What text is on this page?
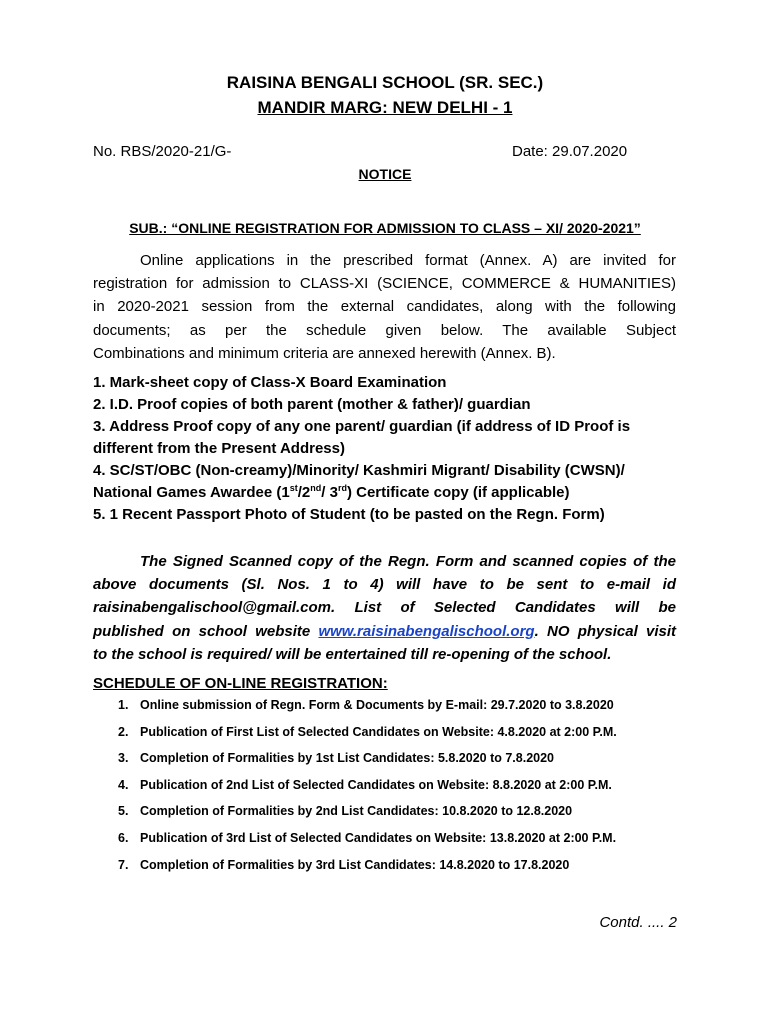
RAISINA BENGALI SCHOOL (SR. SEC.)
MANDIR MARG: NEW DELHI - 1
No. RBS/2020-21/G-	Date: 29.07.2020
NOTICE
SUB.: “ONLINE REGISTRATION FOR ADMISSION TO CLASS – XI/ 2020-2021”
Online applications in the prescribed format (Annex. A) are invited for
registration for admission to CLASS-XI (SCIENCE, COMMERCE & HUMANITIES)
in 2020-2021 session from the external candidates, along with the following
documents; as per the schedule given below. The available Subject
Combinations and minimum criteria are annexed herewith (Annex. B).
1. Mark-sheet copy of Class-X Board Examination
2. I.D. Proof copies of both parent (mother & father)/ guardian
3. Address Proof copy of any one parent/ guardian (if address of ID Proof is
different from the Present Address)
4. SC/ST/OBC (Non-creamy)/Minority/ Kashmiri Migrant/ Disability (CWSN)/
National Games Awardee (1st/2nd/ 3rd) Certificate copy (if applicable)
5. 1 Recent Passport Photo of Student (to be pasted on the Regn. Form)
The Signed Scanned copy of the Regn. Form and scanned copies of the
above documents (Sl. Nos. 1 to 4) will have to be sent to e-mail id
raisinabengalischool@gmail.com. List of Selected Candidates will be
published on school website www.raisinabengalischool.org. NO physical visit
to the school is required/ will be entertained till re-opening of the school.
SCHEDULE OF ON-LINE REGISTRATION:
1. Online submission of Regn. Form & Documents by E-mail: 29.7.2020 to 3.8.2020
2. Publication of First List of Selected Candidates on Website: 4.8.2020 at 2:00 P.M.
3. Completion of Formalities by 1st List Candidates: 5.8.2020 to 7.8.2020
4. Publication of 2nd List of Selected Candidates on Website: 8.8.2020 at 2:00 P.M.
5. Completion of Formalities by 2nd List Candidates: 10.8.2020 to 12.8.2020
6. Publication of 3rd List of Selected Candidates on Website: 13.8.2020 at 2:00 P.M.
7. Completion of Formalities by 3rd List Candidates: 14.8.2020 to 17.8.2020
Contd. .... 2
